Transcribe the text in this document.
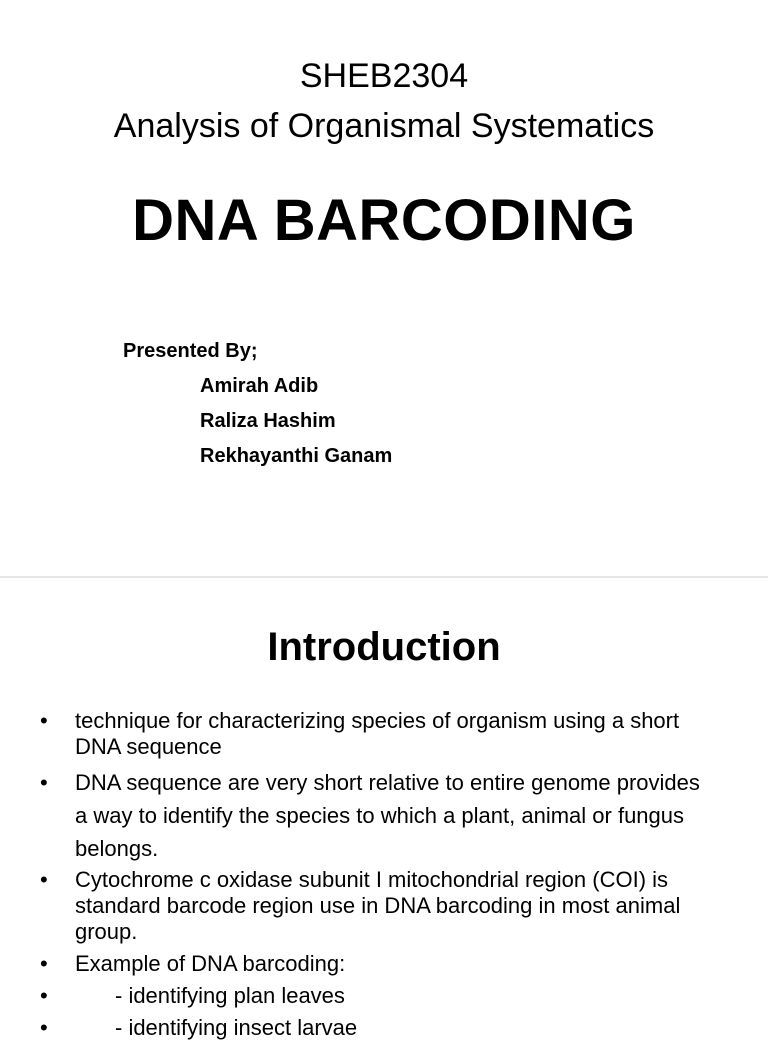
SHEB2304
Analysis of Organismal Systematics
DNA BARCODING
Presented By;
Amirah Adib
Raliza Hashim
Rekhayanthi Ganam
Introduction
• technique for characterizing species of organism using a short DNA sequence
• DNA sequence are very short relative to entire genome provides a way to identify the species to which a plant, animal or fungus belongs.
• Cytochrome c oxidase subunit I mitochondrial region (COI) is standard barcode region use in DNA barcoding in most animal group.
• Example of DNA barcoding:
•	- identifying plan leaves
•	- identifying insect larvae
